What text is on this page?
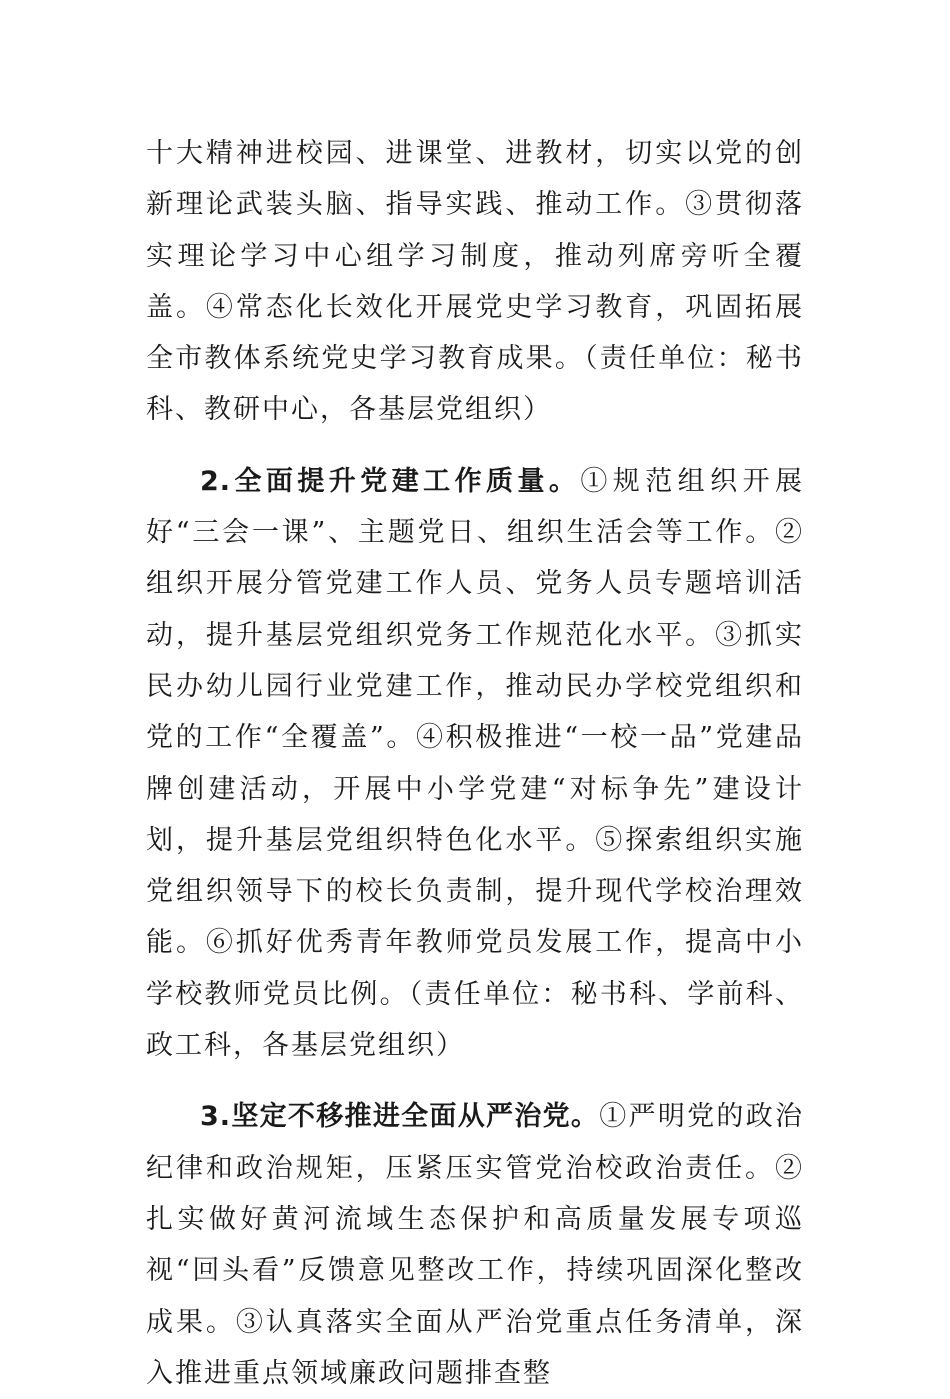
十大精神进校园、进课堂、进教材，切实以党的创新理论武装头脑、指导实践、推动工作。③贯彻落实理论学习中心组学习制度，推动列席旁听全覆盖。④常态化长效化开展党史学习教育，巩固拓展全市教体系统党史学习教育成果。（责任单位：秘书科、教研中心，各基层党组织）

2.全面提升党建工作质量。①规范组织开展好“三会一课”、主题党日、组织生活会等工作。②组织开展分管党建工作人员、党务人员专题培训活动，提升基层党组织党务工作规范化水平。③抓实民办幼儿园行业党建工作，推动民办学校党组织和党的工作“全覆盖”。④积极推进“一校一品”党建品牌创建活动，开展中小学党建“对标争先”建设计划，提升基层党组织特色化水平。⑤探索组织实施党组织领导下的校长负责制，提升现代学校治理效能。⑥抓好优秀青年教师党员发展工作，提高中小学校教师党员比例。（责任单位：秘书科、学前科、政工科，各基层党组织）

3.坚定不移推进全面从严治党。①严明党的政治纪律和政治规矩，压紧压实管党治校政治责任。②扎实做好黄河流域生态保护和高质量发展专项巡视“回头看”反馈意见整改工作，持续巩固深化整改成果。③认真落实全面从严治党重点任务清单，深入推进重点领域廉政问题排查整
